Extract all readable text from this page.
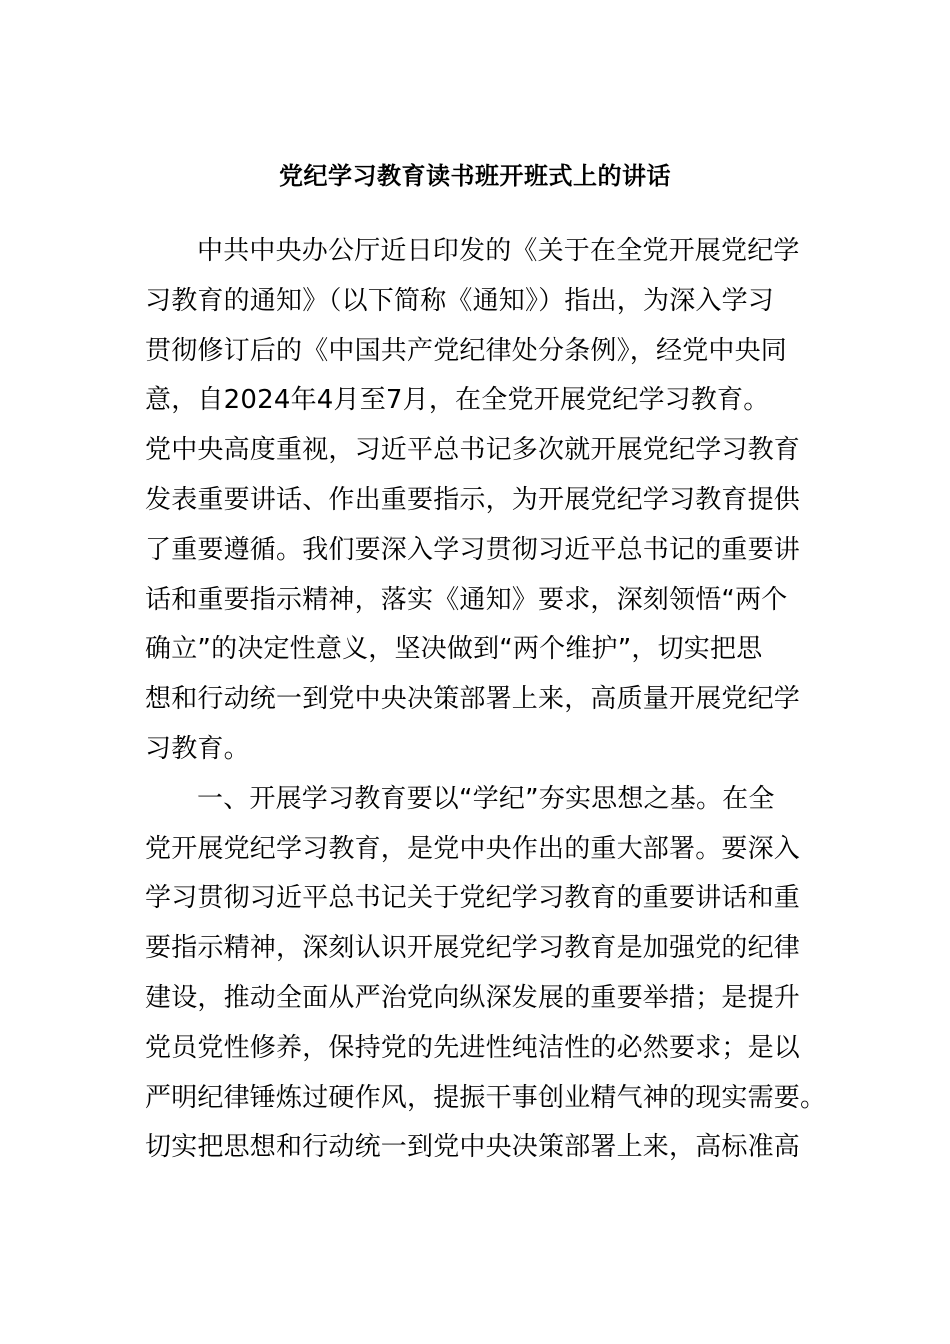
党纪学习教育读书班开班式上的讲话
中共中央办公厅近日印发的《关于在全党开展党纪学
习教育的通知》（以下简称《通知》）指出，为深入学习
贯彻修订后的《中国共产党纪律处分条例》，经党中央同
意，自2024年4月至7月，在全党开展党纪学习教育。
党中央高度重视，习近平总书记多次就开展党纪学习教育
发表重要讲话、作出重要指示，为开展党纪学习教育提供
了重要遵循。我们要深入学习贯彻习近平总书记的重要讲
话和重要指示精神，落实《通知》要求，深刻领悟“两个
确立”的决定性意义，坚决做到“两个维护”，切实把思
想和行动统一到党中央决策部署上来，高质量开展党纪学
习教育。
一、开展学习教育要以“学纪”夯实思想之基。在全
党开展党纪学习教育，是党中央作出的重大部署。要深入
学习贯彻习近平总书记关于党纪学习教育的重要讲话和重
要指示精神，深刻认识开展党纪学习教育是加强党的纪律
建设，推动全面从严治党向纵深发展的重要举措；是提升
党员党性修养，保持党的先进性纯洁性的必然要求；是以
严明纪律锤炼过硬作风，提振干事创业精气神的现实需要。
切实把思想和行动统一到党中央决策部署上来，高标准高
